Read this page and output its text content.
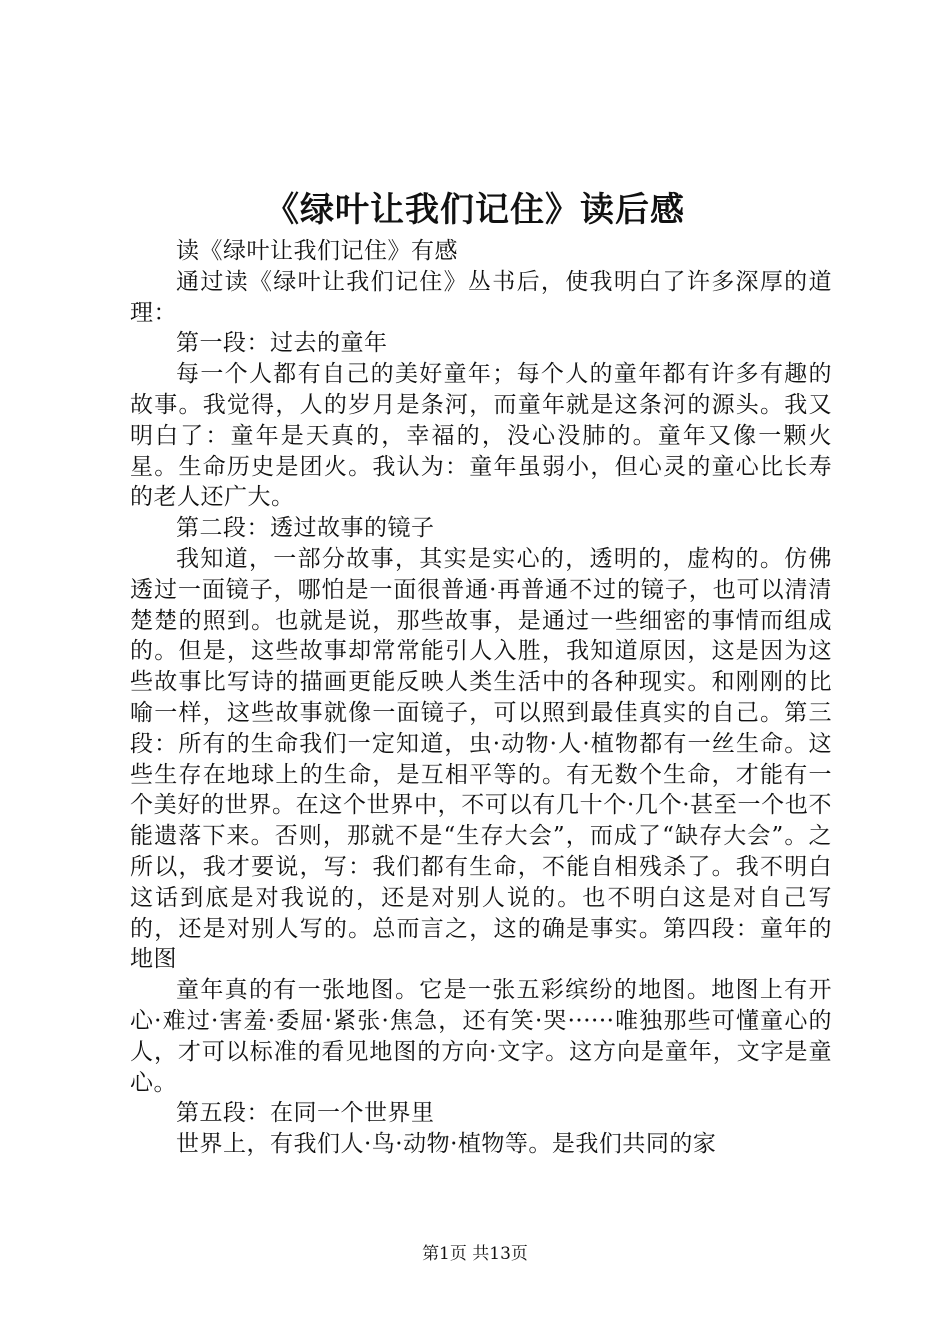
《绿叶让我们记住》读后感

读《绿叶让我们记住》有感

通过读《绿叶让我们记住》丛书后，使我明白了许多深厚的道理：

第一段：过去的童年

每一个人都有自己的美好童年；每个人的童年都有许多有趣的故事。我觉得，人的岁月是条河，而童年就是这条河的源头。我又明白了：童年是天真的，幸福的，没心没肺的。童年又像一颗火星。生命历史是团火。我认为：童年虽弱小，但心灵的童心比长寿的老人还广大。

第二段：透过故事的镜子

我知道，一部分故事，其实是实心的，透明的，虚构的。仿佛透过一面镜子，哪怕是一面很普通·再普通不过的镜子，也可以清清楚楚的照到。也就是说，那些故事，是通过一些细密的事情而组成的。但是，这些故事却常常能引人入胜，我知道原因，这是因为这些故事比写诗的描画更能反映人类生活中的各种现实。和刚刚的比喻一样，这些故事就像一面镜子，可以照到最佳真实的自己。第三段：所有的生命我们一定知道，虫·动物·人·植物都有一丝生命。这些生存在地球上的生命，是互相平等的。有无数个生命，才能有一个美好的世界。在这个世界中，不可以有几十个·几个·甚至一个也不能遗落下来。否则，那就不是“生存大会”，而成了“缺存大会”。之所以，我才要说，写：我们都有生命，不能自相残杀了。我不明白这话到底是对我说的，还是对别人说的。也不明白这是对自己写的，还是对别人写的。总而言之，这的确是事实。第四段：童年的地图

童年真的有一张地图。它是一张五彩缤纷的地图。地图上有开心·难过·害羞·委屈·紧张·焦急，还有笑·哭······唯独那些可懂童心的人，才可以标准的看见地图的方向·文字。这方向是童年，文字是童心。

第五段：在同一个世界里

世界上，有我们人·鸟·动物·植物等。是我们共同的家

第1页 共13页
